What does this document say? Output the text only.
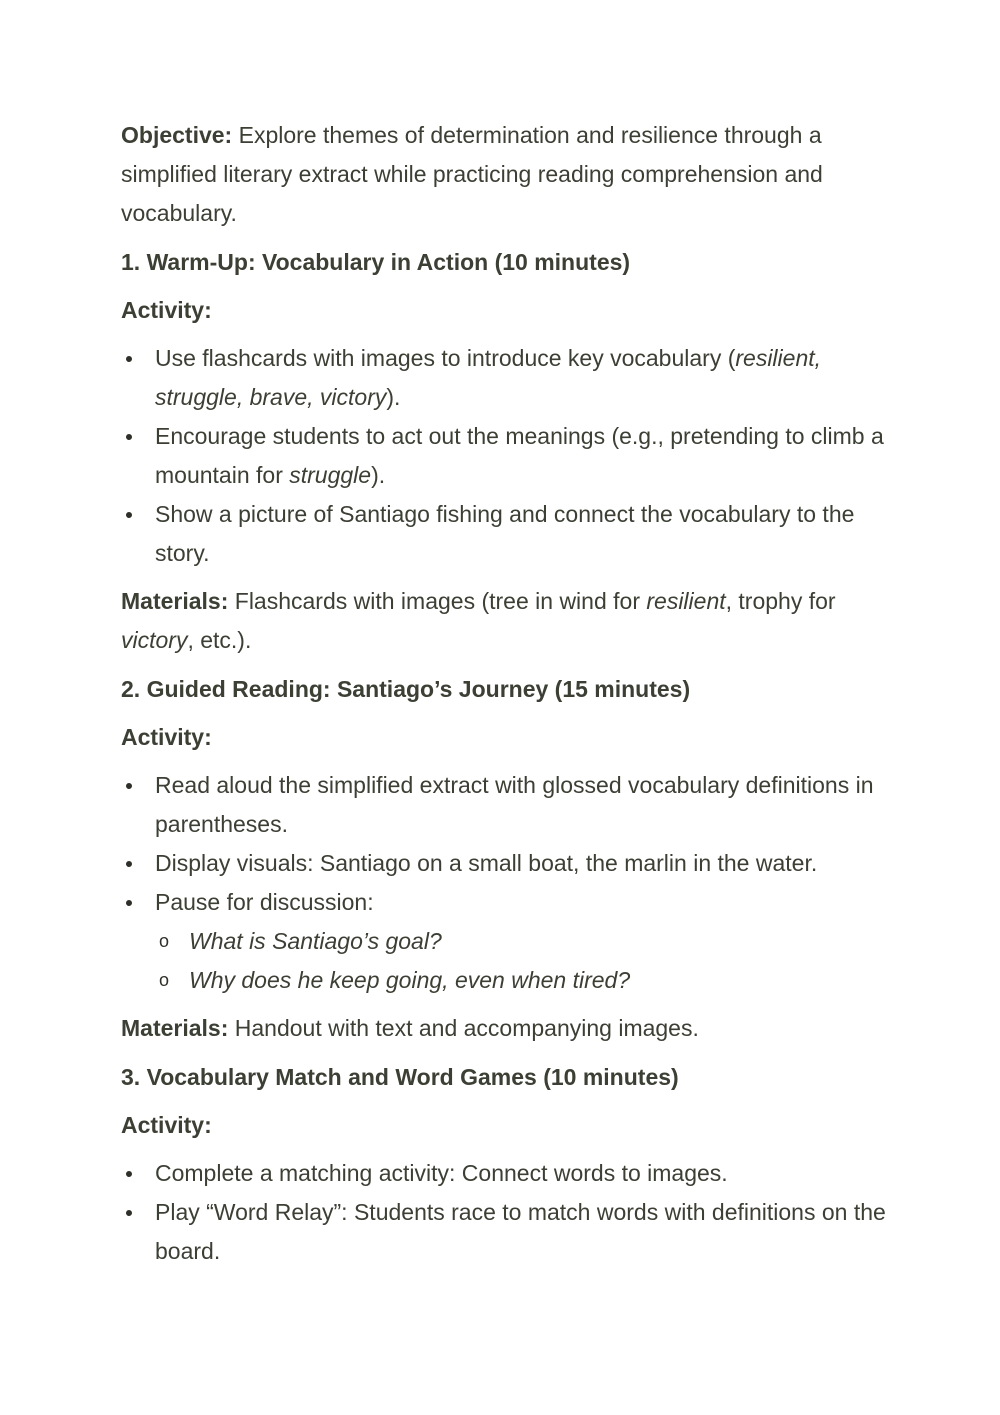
Objective: Explore themes of determination and resilience through a simplified literary extract while practicing reading comprehension and vocabulary.

1. Warm-Up: Vocabulary in Action (10 minutes)

Activity:

Use flashcards with images to introduce key vocabulary (resilient, struggle, brave, victory).
Encourage students to act out the meanings (e.g., pretending to climb a mountain for struggle).
Show a picture of Santiago fishing and connect the vocabulary to the story.

Materials: Flashcards with images (tree in wind for resilient, trophy for victory, etc.).

2. Guided Reading: Santiago’s Journey (15 minutes)

Activity:

Read aloud the simplified extract with glossed vocabulary definitions in parentheses.
Display visuals: Santiago on a small boat, the marlin in the water.
Pause for discussion:
o What is Santiago’s goal?
o Why does he keep going, even when tired?

Materials: Handout with text and accompanying images.

3. Vocabulary Match and Word Games (10 minutes)

Activity:

Complete a matching activity: Connect words to images.
Play “Word Relay”: Students race to match words with definitions on the board.
